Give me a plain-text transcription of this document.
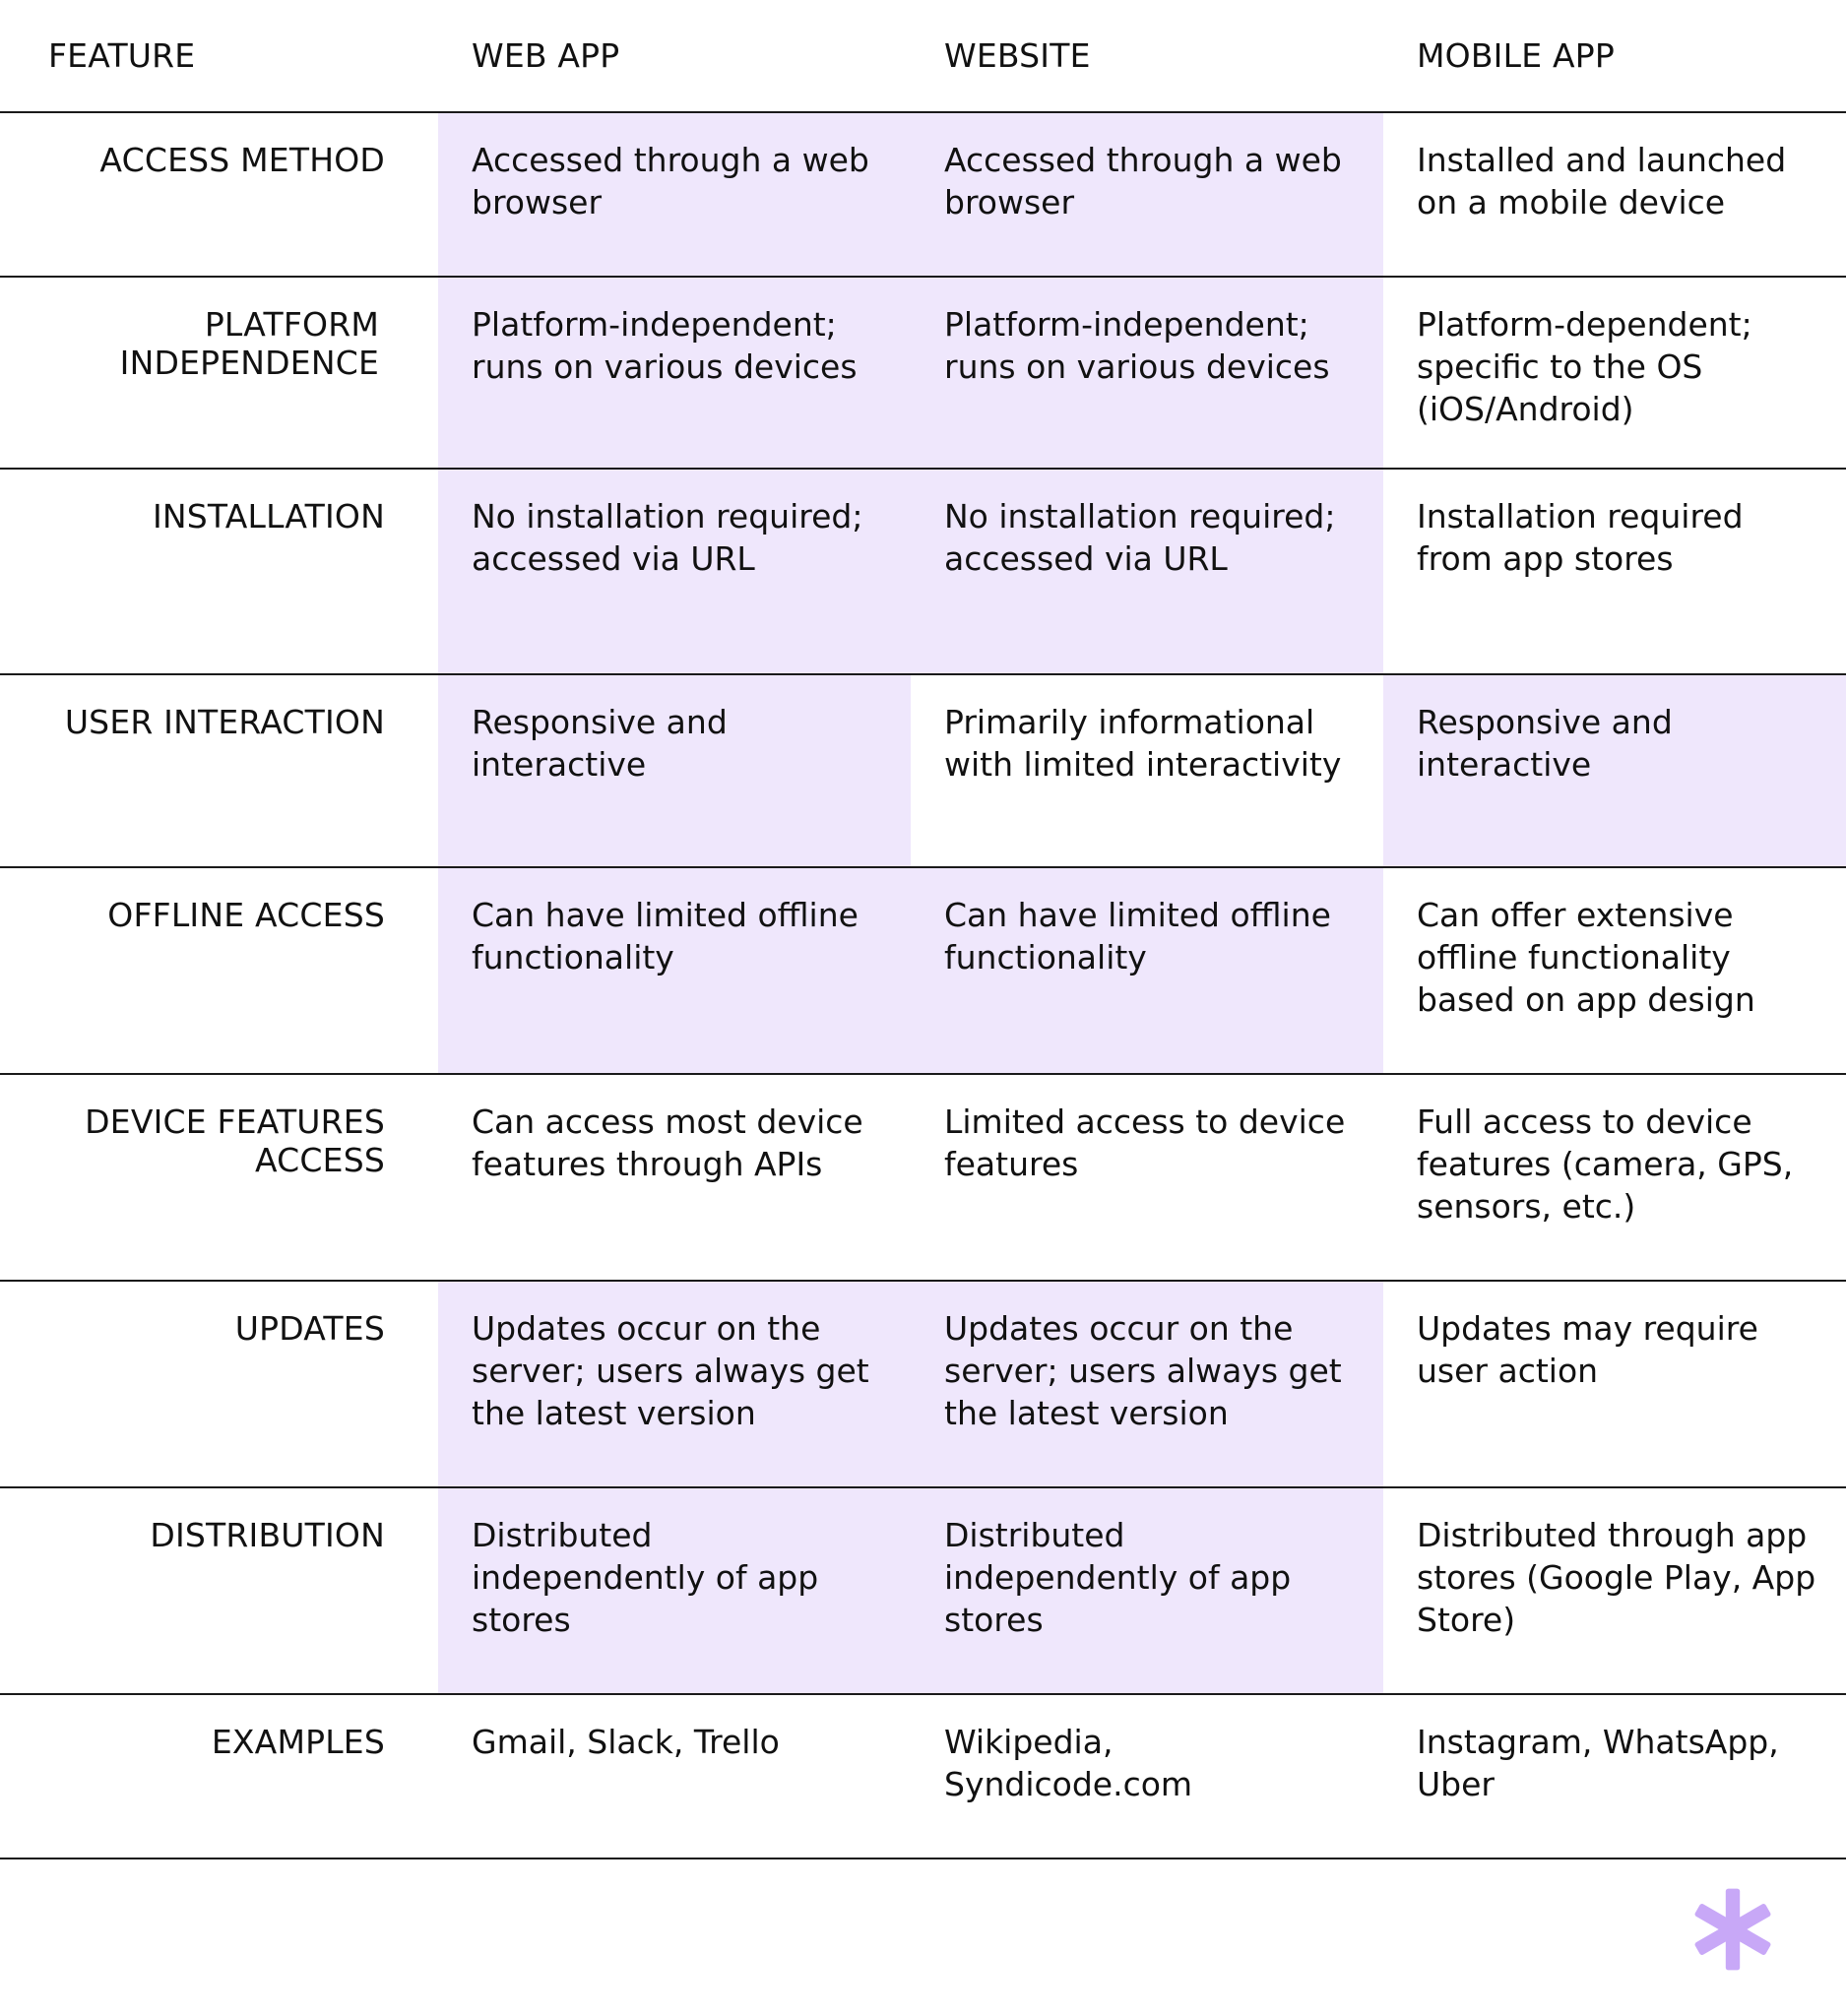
FEATURE	WEB APP	WEBSITE	MOBILE APP
ACCESS METHOD	Accessed through a web browser	Accessed through a web browser	Installed and launched on a mobile device
PLATFORM INDEPENDENCE	Platform-independent; runs on various devices	Platform-independent; runs on various devices	Platform-dependent; specific to the OS (iOS/Android)
INSTALLATION	No installation required; accessed via URL	No installation required; accessed via URL	Installation required from app stores
USER INTERACTION	Responsive and interactive	Primarily informational with limited interactivity	Responsive and interactive
OFFLINE ACCESS	Can have limited offline functionality	Can have limited offline functionality	Can offer extensive offline functionality based on app design
DEVICE FEATURES ACCESS	Can access most device features through APIs	Limited access to device features	Full access to device features (camera, GPS, sensors, etc.)
UPDATES	Updates occur on the server; users always get the latest version	Updates occur on the server; users always get the latest version	Updates may require user action
DISTRIBUTION	Distributed independently of app stores	Distributed independently of app stores	Distributed through app stores (Google Play, App Store)
EXAMPLES	Gmail, Slack, Trello	Wikipedia, Syndicode.com	Instagram, WhatsApp, Uber
